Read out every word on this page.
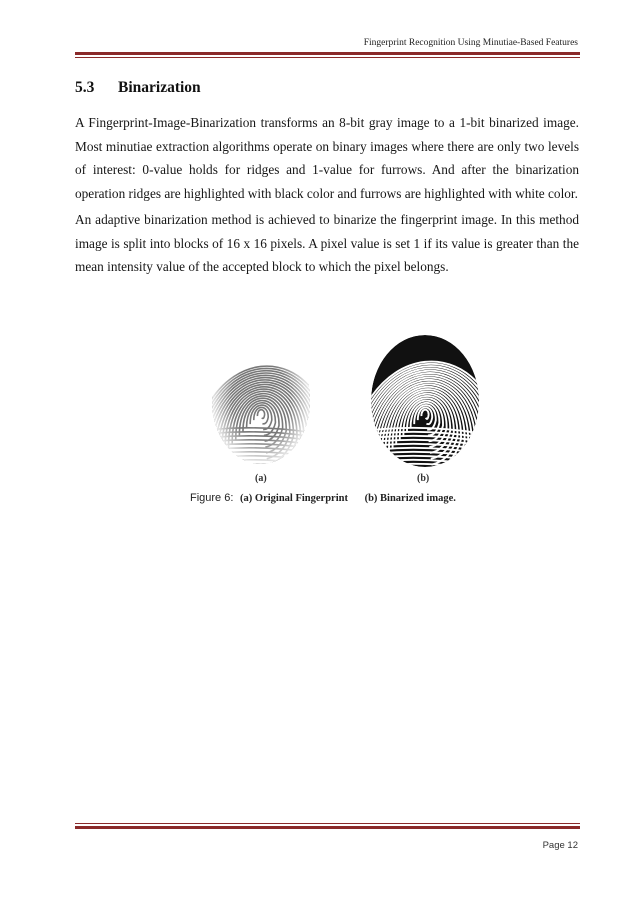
Fingerprint Recognition Using Minutiae-Based Features
5.3	Binarization
A Fingerprint-Image-Binarization transforms an 8-bit gray image to a 1-bit binarized image. Most minutiae extraction algorithms operate on binary images where there are only two levels of interest: 0-value holds for ridges and 1-value for furrows. And after the binarization operation ridges are highlighted with black color and furrows are highlighted with white color.
An adaptive binarization method is achieved to binarize the fingerprint image. In this method image is split into blocks of 16 x 16 pixels. A pixel value is set 1 if its value is greater than the mean intensity value of the accepted block to which the pixel belongs.
(a)	(b)
Figure 6: (a) Original Fingerprint (b) Binarized image.
Page 12
